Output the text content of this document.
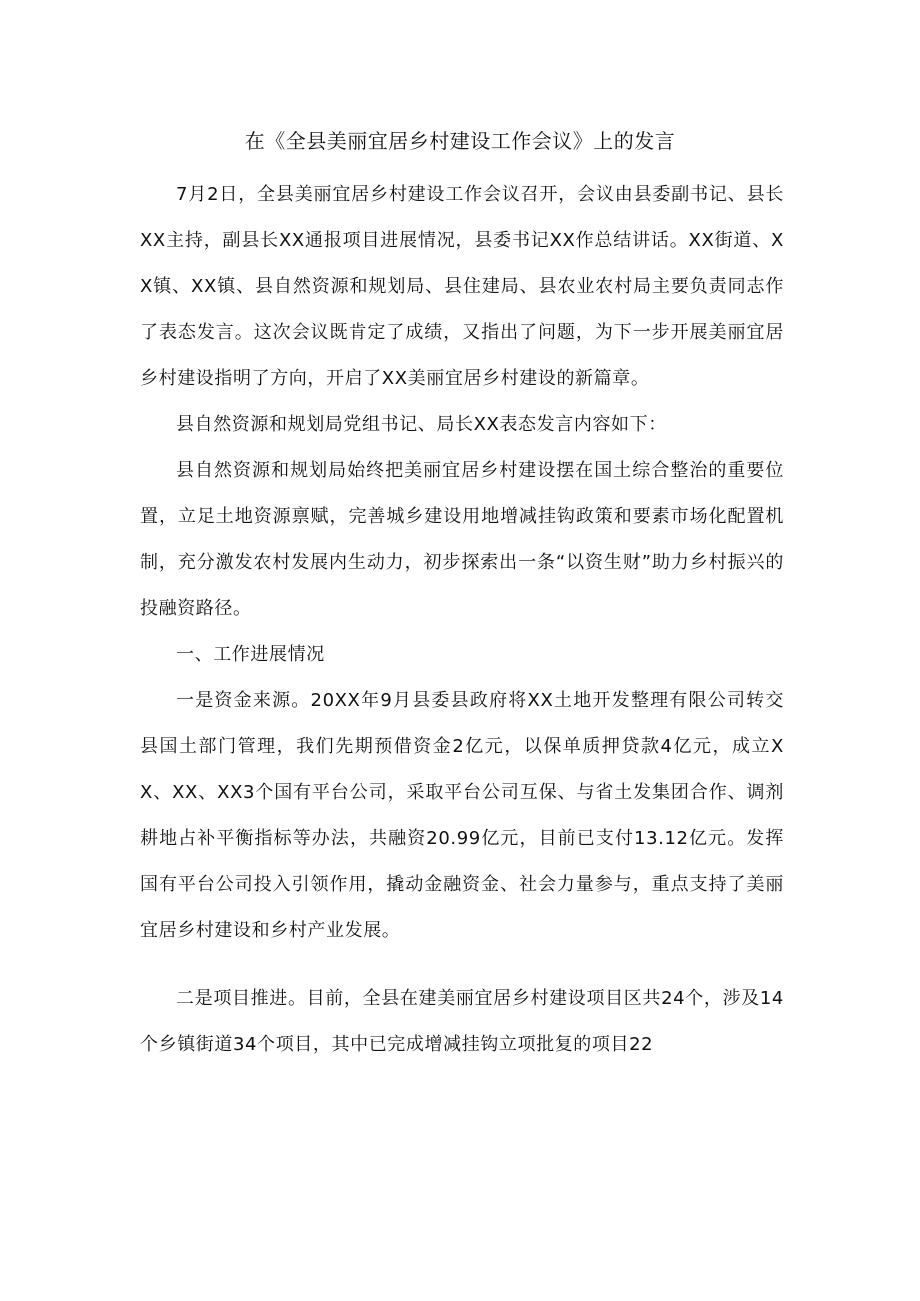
在《全县美丽宜居乡村建设工作会议》上的发言

7月2日，全县美丽宜居乡村建设工作会议召开，会议由县委副书记、县长XX主持，副县长XX通报项目进展情况，县委书记XX作总结讲话。XX街道、XX镇、XX镇、县自然资源和规划局、县住建局、县农业农村局主要负责同志作了表态发言。这次会议既肯定了成绩，又指出了问题，为下一步开展美丽宜居乡村建设指明了方向，开启了XX美丽宜居乡村建设的新篇章。

县自然资源和规划局党组书记、局长XX表态发言内容如下：

县自然资源和规划局始终把美丽宜居乡村建设摆在国土综合整治的重要位置，立足土地资源禀赋，完善城乡建设用地增减挂钩政策和要素市场化配置机制，充分激发农村发展内生动力，初步探索出一条“以资生财”助力乡村振兴的投融资路径。

一、工作进展情况

一是资金来源。20XX年9月县委县政府将XX土地开发整理有限公司转交县国土部门管理，我们先期预借资金2亿元，以保单质押贷款4亿元，成立XX、XX、XX3个国有平台公司，采取平台公司互保、与省土发集团合作、调剂耕地占补平衡指标等办法，共融资20.99亿元，目前已支付13.12亿元。发挥国有平台公司投入引领作用，撬动金融资金、社会力量参与，重点支持了美丽宜居乡村建设和乡村产业发展。

二是项目推进。目前，全县在建美丽宜居乡村建设项目区共24个，涉及14个乡镇街道34个项目，其中已完成增减挂钩立项批复的项目22
